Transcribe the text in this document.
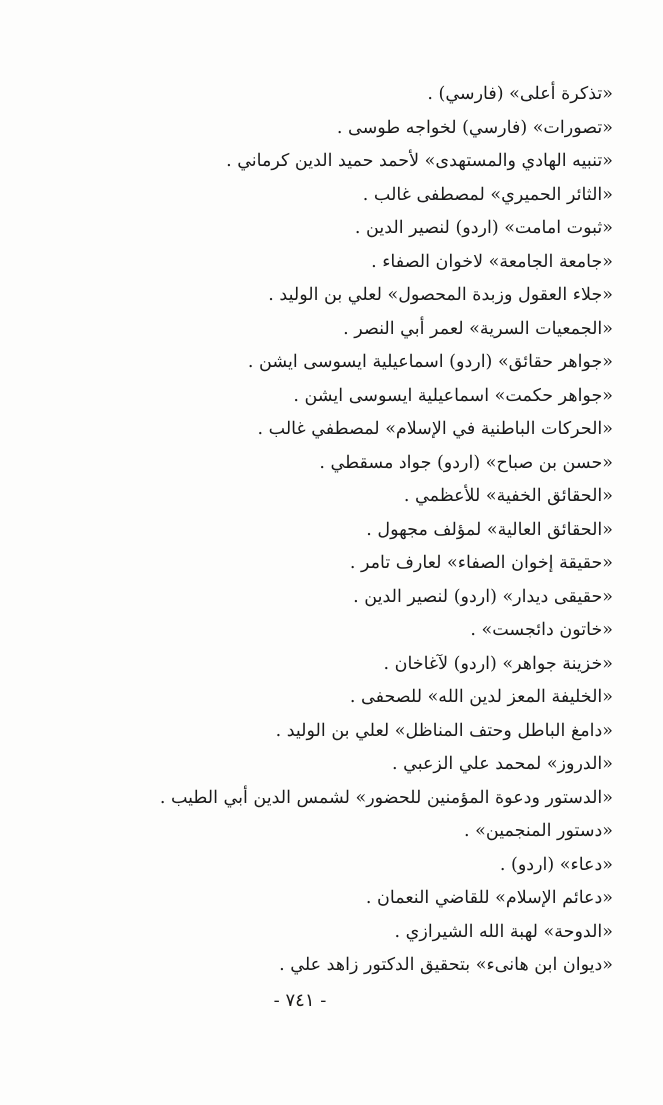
«تذكرة أعلى» (فارسي) .
«تصورات» (فارسي) لخواجه طوسى .
«تنبيه الهادي والمستهدى» لأحمد حميد الدين كرماني .
«الثائر الحميري» لمصطفى غالب .
«ثبوت امامت» (اردو) لنصير الدين .
«جامعة الجامعة» لاخوان الصفاء .
«جلاء العقول وزبدة المحصول» لعلي بن الوليد .
«الجمعيات السرية» لعمر أبي النصر .
«جواهر حقائق» (اردو) اسماعيلية ايسوسى ايشن .
«جواهر حكمت» اسماعيلية ايسوسى ايشن .
«الحركات الباطنية في الإسلام» لمصطفي غالب .
«حسن بن صباح» (اردو) جواد مسقطي .
«الحقائق الخفية» للأعظمي .
«الحقائق العالية» لمؤلف مجهول .
«حقيقة إخوان الصفاء» لعارف تامر .
«حقيقى ديدار» (اردو) لنصير الدين .
«خاتون دائجست» .
«خزينة جواهر» (اردو) لآغاخان .
«الخليفة المعز لدين الله» للصحفى .
«دامغ الباطل وحتف المناظل» لعلي بن الوليد .
«الدروز» لمحمد علي الزعبي .
«الدستور ودعوة المؤمنين للحضور» لشمس الدين أبي الطيب .
«دستور المنجمين» .
«دعاء» (اردو) .
«دعائم الإسلام» للقاضي النعمان .
«الدوحة» لهبة الله الشيرازي .
«ديوان ابن هانىء» بتحقيق الدكتور زاهد علي .
- ٧٤١ -
